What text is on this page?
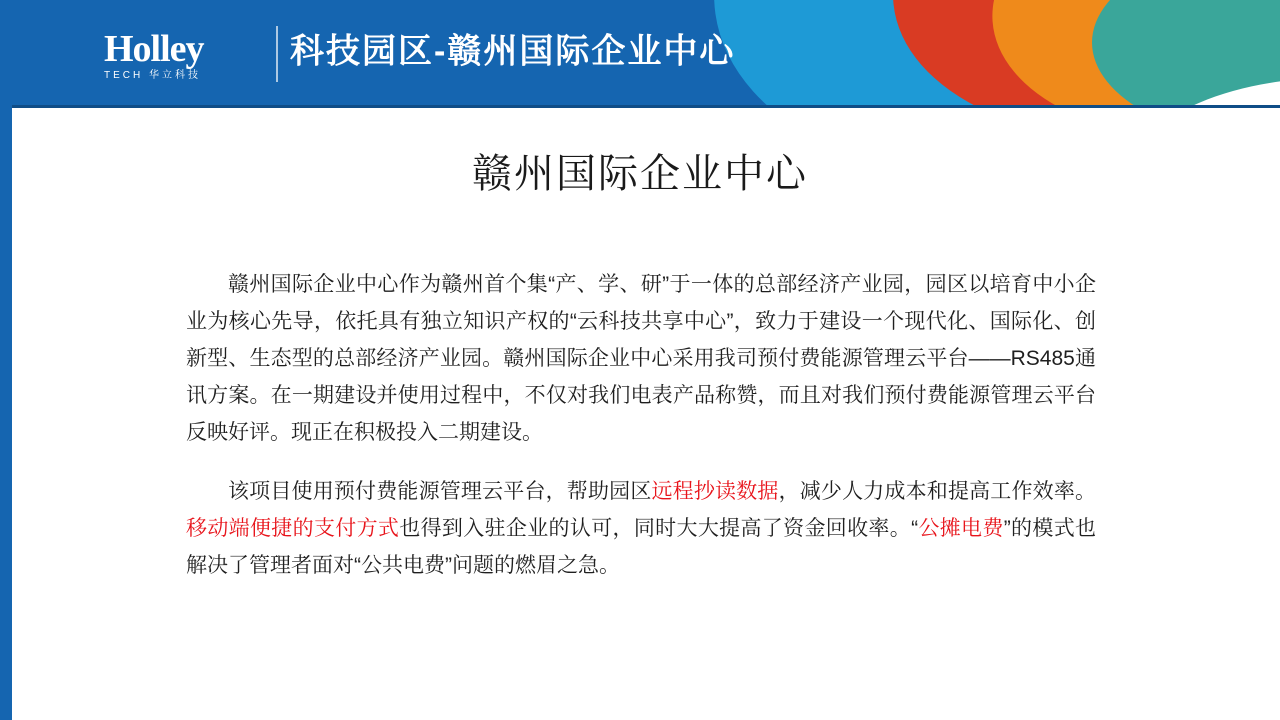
Holley
TECH 华立科技
科技园区-赣州国际企业中心
赣州国际企业中心

赣州国际企业中心作为赣州首个集“产、学、研”于一体的总部经济产业园，园区以培育中小企业为核心先导，依托具有独立知识产权的“云科技共享中心”，致力于建设一个现代化、国际化、创新型、生态型的总部经济产业园。赣州国际企业中心采用我司预付费能源管理云平台——RS485通讯方案。在一期建设并使用过程中，不仅对我们电表产品称赞，而且对我们预付费能源管理云平台反映好评。现正在积极投入二期建设。

该项目使用预付费能源管理云平台，帮助园区远程抄读数据，减少人力成本和提高工作效率。移动端便捷的支付方式也得到入驻企业的认可，同时大大提高了资金回收率。“公摊电费”的模式也解决了管理者面对“公共电费”问题的燃眉之急。
